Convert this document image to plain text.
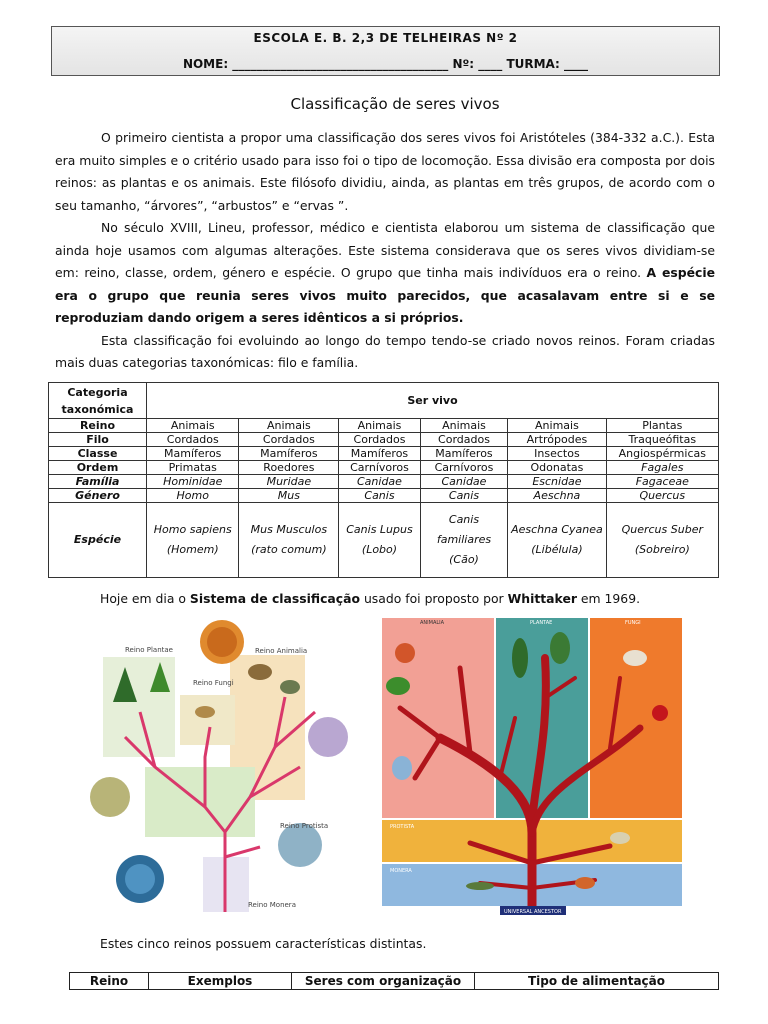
ESCOLA E. B. 2,3 DE TELHEIRAS Nº 2
NOME: ____________________________________ Nº: ____ TURMA: ____
Classificação de seres vivos

O primeiro cientista a propor uma classificação dos seres vivos foi Aristóteles (384-332 a.C.). Esta era muito simples e o critério usado para isso foi o tipo de locomoção. Essa divisão era composta por dois reinos: as plantas e os animais. Este filósofo dividiu, ainda, as plantas em três grupos, de acordo com o seu tamanho, “árvores”, “arbustos” e “ervas ”.

No século XVIII, Lineu, professor, médico e cientista elaborou um sistema de classificação que ainda hoje usamos com algumas alterações. Este sistema considerava que os seres vivos dividiam-se em: reino, classe, ordem, género e espécie. O grupo que tinha mais indivíduos era o reino. A espécie era o grupo que reunia seres vivos muito parecidos, que acasalavam entre si e se reproduziam dando origem a seres idênticos a si próprios.

Esta classificação foi evoluindo ao longo do tempo tendo-se criado novos reinos. Foram criadas mais duas categorias taxonómicas: filo e família.

Categoria taxonómica	Ser vivo					
Reino	Animais	Animais	Animais	Animais	Animais	Plantas
Filo	Cordados	Cordados	Cordados	Cordados	Artrópodes	Traqueófitas
Classe	Mamíferos	Mamíferos	Mamíferos	Mamíferos	Insectos	Angiospérmicas
Ordem	Primatas	Roedores	Carnívoros	Carnívoros	Odonatas	Fagales
Família	Hominidae	Muridae	Canidae	Canidae	Escnidae	Fagaceae
Género	Homo	Mus	Canis	Canis	Aeschna	Quercus
Espécie	Homo sapiens (Homem)	Mus Musculos (rato comum)	Canis Lupus (Lobo)	Canis familiares (Cão)	Aeschna Cyanea (Libélula)	Quercus Suber (Sobreiro)
Hoje em dia o Sistema de classificação usado foi proposto por Whittaker em 1969.
Reino Plantae	Reino Animalia
Reino Fungi
Reino Protista
Reino Monera
ANIMALIA	PLANTAE	FUNGI
PROTISTA
MONERA
UNIVERSAL ANCESTOR
Estes cinco reinos possuem características distintas.
Reino	Exemplos	Seres com organização	Tipo de alimentação
